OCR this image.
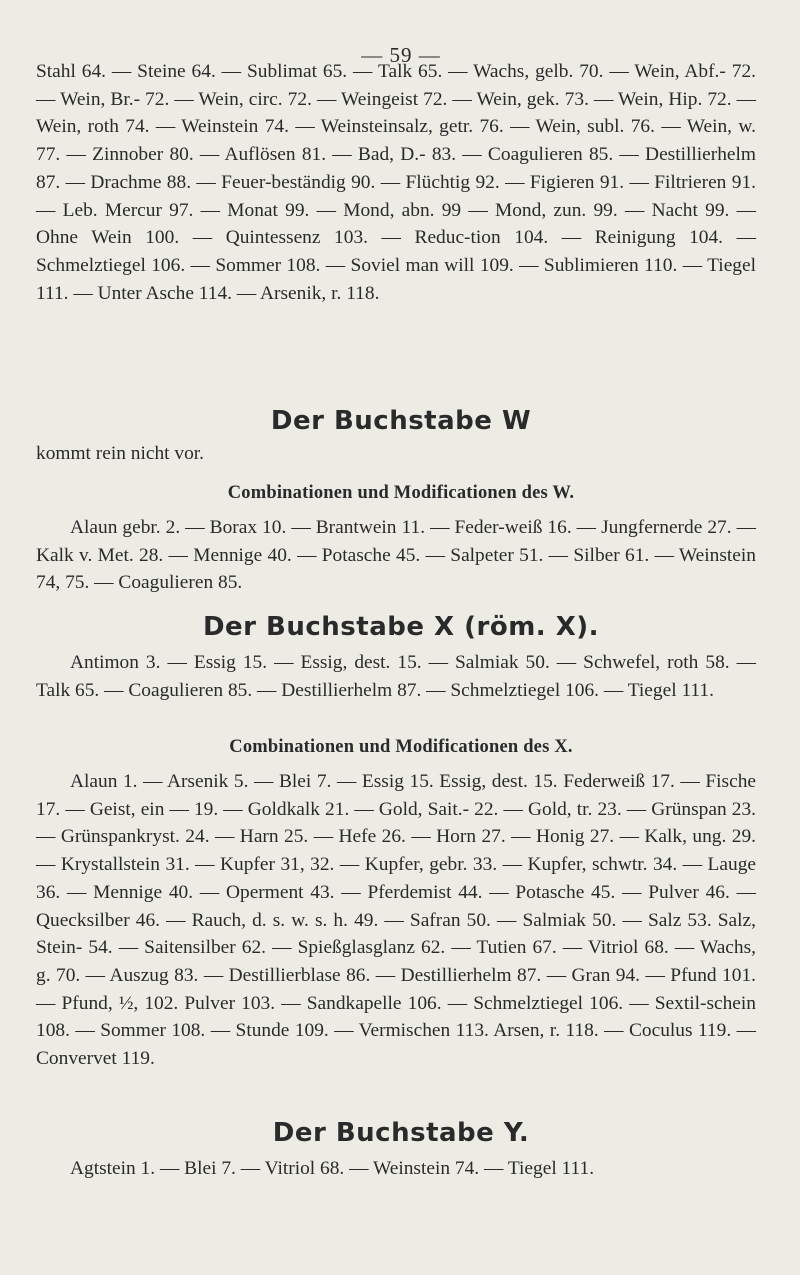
— 59 —

Stahl 64. — Steine 64. — Sublimat 65. — Talk 65. — Wachs, gelb. 70. — Wein, Abf.- 72. — Wein, Br.- 72. — Wein, circ. 72. — Weingeist 72. — Wein, gek. 73. — Wein, Hip. 72. — Wein, roth 74. — Weinstein 74. — Weinsteinsalz, getr. 76. — Wein, subl. 76. — Wein, w. 77. — Zinnober 80. — Auflösen 81. — Bad, D.- 83. — Coagulieren 85. — Destillierhelm 87. — Drachme 88. — Feuer-beständig 90. — Flüchtig 92. — Figieren 91. — Filtrieren 91. — Leb. Mercur 97. — Monat 99. — Mond, abn. 99 — Mond, zun. 99. — Nacht 99. — Ohne Wein 100. — Quintessenz 103. — Reduc-tion 104. — Reinigung 104. — Schmelztiegel 106. — Sommer 108. — Soviel man will 109. — Sublimieren 110. — Tiegel 111. — Unter Asche 114. — Arsenik, r. 118.

Der Buchstabe W

kommt rein nicht vor.

Combinationen und Modificationen des W.

Alaun gebr. 2. — Borax 10. — Brantwein 11. — Feder-weiß 16. — Jungfernerde 27. — Kalk v. Met. 28. — Mennige 40. — Potasche 45. — Salpeter 51. — Silber 61. — Weinstein 74, 75. — Coagulieren 85.

Der Buchstabe X (röm. X).

Antimon 3. — Essig 15. — Essig, dest. 15. — Salmiak 50. — Schwefel, roth 58. — Talk 65. — Coagulieren 85. — Destillierhelm 87. — Schmelztiegel 106. — Tiegel 111.

Combinationen und Modificationen des X.

Alaun 1. — Arsenik 5. — Blei 7. — Essig 15. Essig, dest. 15. Federweiß 17. — Fische 17. — Geist, ein — 19. — Goldkalk 21. — Gold, Sait.- 22. — Gold, tr. 23. — Grünspan 23. — Grünspankryst. 24. — Harn 25. — Hefe 26. — Horn 27. — Honig 27. — Kalk, ung. 29. — Krystallstein 31. — Kupfer 31, 32. — Kupfer, gebr. 33. — Kupfer, schwtr. 34. — Lauge 36. — Mennige 40. — Operment 43. — Pferdemist 44. — Potasche 45. — Pulver 46. — Quecksilber 46. — Rauch, d. s. w. s. h. 49. — Safran 50. — Salmiak 50. — Salz 53. Salz, Stein- 54. — Saitensilber 62. — Spießglasglanz 62. — Tutien 67. — Vitriol 68. — Wachs, g. 70. — Auszug 83. — Destillierblase 86. — Destillierhelm 87. — Gran 94. — Pfund 101. — Pfund, ½, 102. Pulver 103. — Sandkapelle 106. — Schmelztiegel 106. — Sextil-schein 108. — Sommer 108. — Stunde 109. — Vermischen 113. Arsen, r. 118. — Coculus 119. — Convervet 119.

Der Buchstabe Y.

Agtstein 1. — Blei 7. — Vitriol 68. — Weinstein 74. — Tiegel 111.
